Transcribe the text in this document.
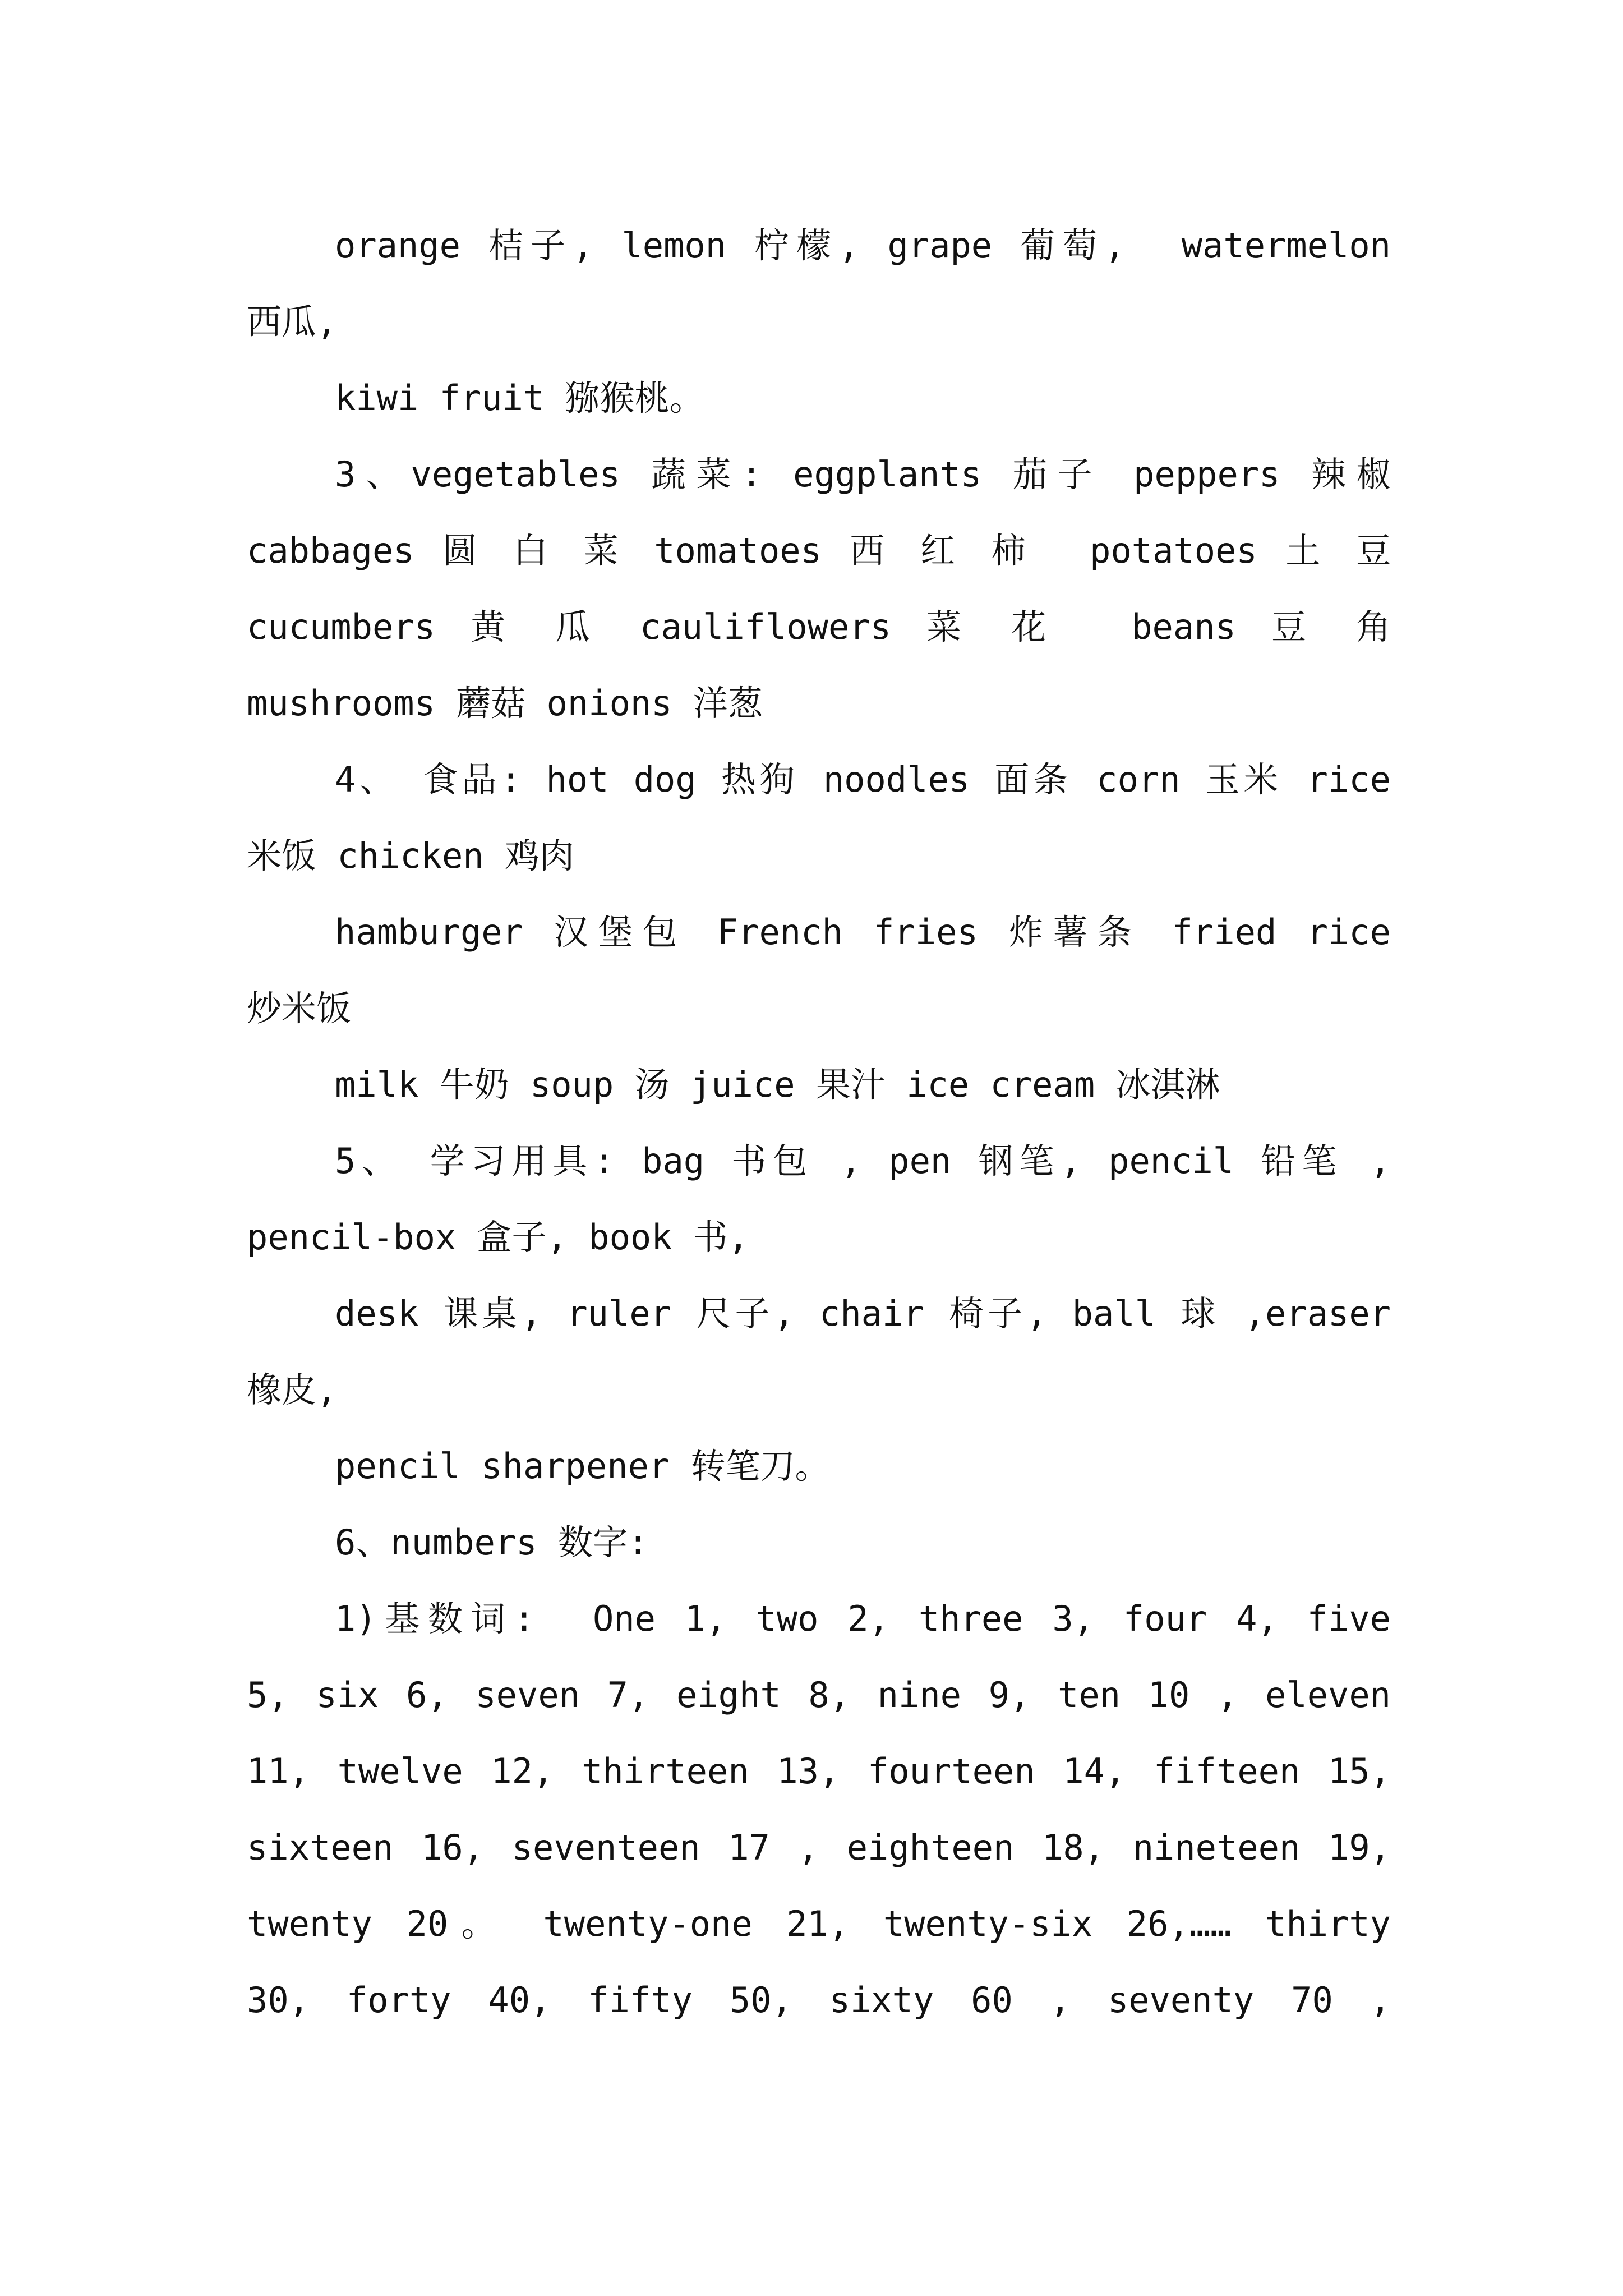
orange 桔子, lemon 柠檬, grape 葡萄,  watermelon
西瓜,
kiwi fruit 猕猴桃。
3、vegetables 蔬菜: eggplants 茄子 peppers 辣椒
cabbages 圆 白 菜 tomatoes 西 红 柿  potatoes 土 豆
cucumbers 黄 瓜 cauliflowers 菜 花  beans 豆 角
mushrooms 蘑菇 onions 洋葱
4、 食品: hot dog 热狗 noodles 面条 corn 玉米 rice
米饭 chicken 鸡肉
hamburger 汉堡包 French fries 炸薯条 fried rice
炒米饭
milk 牛奶 soup 汤 juice 果汁 ice cream 冰淇淋
5、 学习用具: bag 书包 , pen 钢笔, pencil 铅笔 ,
pencil-box 盒子, book 书,
desk 课桌, ruler 尺子, chair 椅子, ball 球 ,eraser
橡皮,
pencil sharpener 转笔刀。
6、numbers 数字:
1)基数词:  One 1, two 2, three 3, four 4, five
5, six 6, seven 7, eight 8, nine 9, ten 10 , eleven
11, twelve 12, thirteen 13, fourteen 14, fifteen 15,
sixteen 16, seventeen 17 , eighteen 18, nineteen 19,
twenty 20。 twenty-one 21, twenty-six 26,…… thirty
30, forty 40, fifty 50, sixty 60 , seventy 70 ,
